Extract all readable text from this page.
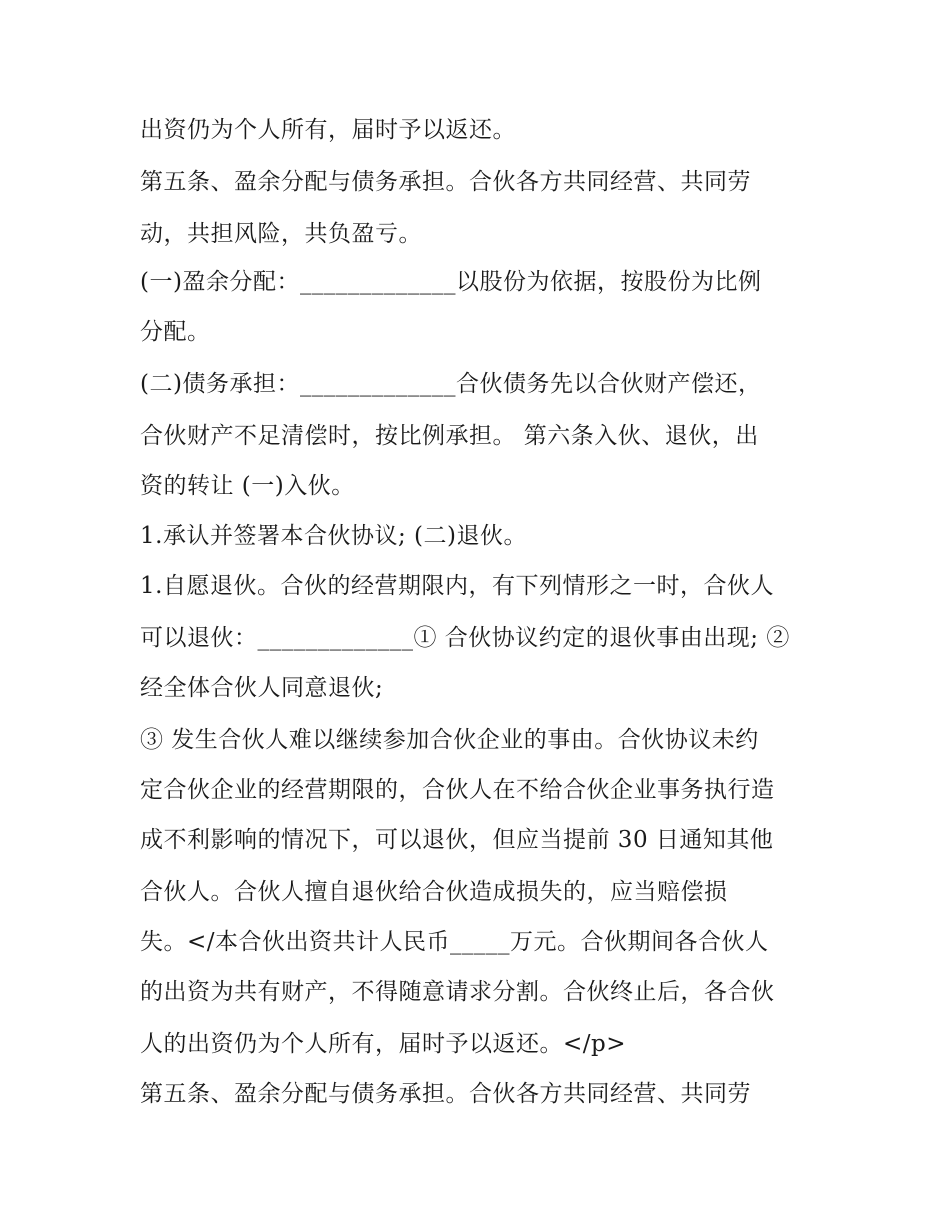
出资仍为个人所有，届时予以返还。
第五条、盈余分配与债务承担。合伙各方共同经营、共同劳
动，共担风险，共负盈亏。
(一)盈余分配：_____________以股份为依据，按股份为比例
分配。
(二)债务承担：_____________合伙债务先以合伙财产偿还，
合伙财产不足清偿时，按比例承担。 第六条入伙、退伙，出
资的转让 (一)入伙。
1.承认并签署本合伙协议; (二)退伙。
1.自愿退伙。合伙的经营期限内，有下列情形之一时，合伙人
可以退伙：_____________① 合伙协议约定的退伙事由出现; ②
经全体合伙人同意退伙;
③ 发生合伙人难以继续参加合伙企业的事由。合伙协议未约
定合伙企业的经营期限的，合伙人在不给合伙企业事务执行造
成不利影响的情况下，可以退伙，但应当提前 30 日通知其他
合伙人。合伙人擅自退伙给合伙造成损失的，应当赔偿损
失。</本合伙出资共计人民币_____万元。合伙期间各合伙人
的出资为共有财产，不得随意请求分割。合伙终止后，各合伙
人的出资仍为个人所有，届时予以返还。</p>
第五条、盈余分配与债务承担。合伙各方共同经营、共同劳
